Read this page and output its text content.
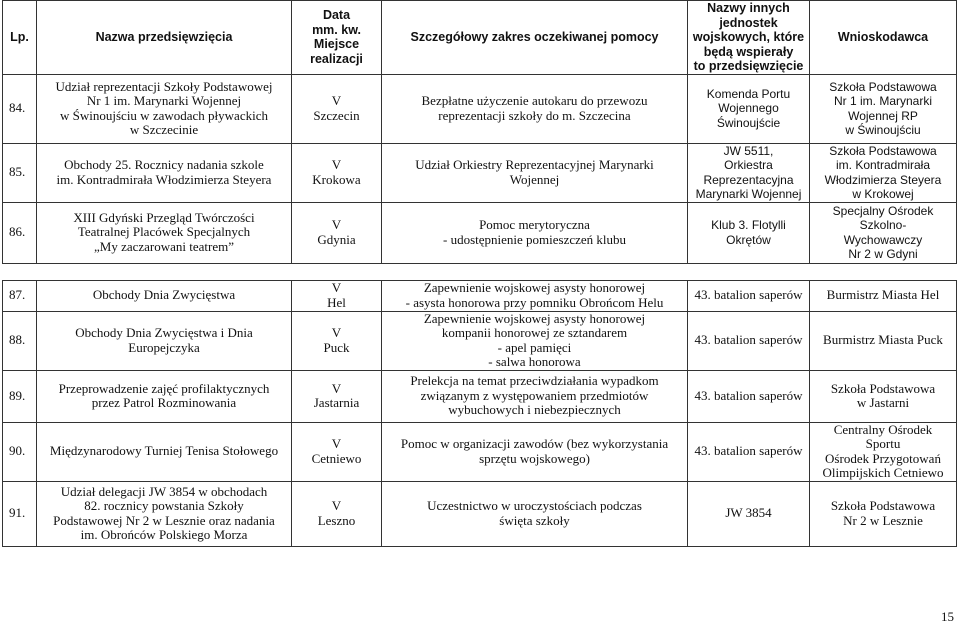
Lp.	Nazwa przedsięwzięcia	Data
mm. kw.
Miejsce
realizacji	Szczegółowy zakres oczekiwanej pomocy	Nazwy innych
jednostek
wojskowych, które
będą wspierały
to przedsięwzięcie	Wnioskodawca
84.	Udział reprezentacji Szkoły Podstawowej
Nr 1 im. Marynarki Wojennej
w Świnoujściu w zawodach pływackich
w Szczecinie	V
Szczecin	Bezpłatne użyczenie autokaru do przewozu
reprezentacji szkoły do m. Szczecina	Komenda Portu
Wojennego
Świnoujście	Szkoła Podstawowa
Nr 1 im. Marynarki
Wojennej RP
w Świnoujściu

85.	Obchody 25. Rocznicy nadania szkole
im. Kontradmirała Włodzimierza Steyera	V
Krokowa	Udział Orkiestry Reprezentacyjnej Marynarki
Wojennej	JW 5511,
Orkiestra
Reprezentacyjna
Marynarki Wojennej	Szkoła Podstawowa
im. Kontradmirała
Włodzimierza Steyera
w Krokowej

86.	XIII Gdyński Przegląd Twórczości
Teatralnej Placówek Specjalnych
„My zaczarowani teatrem”	V
Gdynia	Pomoc merytoryczna
- udostępnienie pomieszczeń klubu	Klub 3. Flotylli
Okrętów	Specjalny Ośrodek
Szkolno-
Wychowawczy
Nr 2 w Gdyni

87.	Obchody Dnia Zwycięstwa	V
Hel	Zapewnienie wojskowej asysty honorowej
- asysta honorowa przy pomniku Obrońcom Helu	43. batalion saperów	Burmistrz Miasta Hel

88.	Obchody Dnia Zwycięstwa i Dnia
Europejczyka	V
Puck	Zapewnienie wojskowej asysty honorowej
kompanii honorowej ze sztandarem
- apel pamięci
- salwa honorowa	43. batalion saperów	Burmistrz Miasta Puck

89.	Przeprowadzenie zajęć profilaktycznych
przez Patrol Rozminowania	V
Jastarnia	Prelekcja na temat przeciwdziałania wypadkom
związanym z występowaniem przedmiotów
wybuchowych i niebezpiecznych	43. batalion saperów	Szkoła Podstawowa
w Jastarni

90.	Międzynarodowy Turniej Tenisa Stołowego	V
Cetniewo	Pomoc w organizacji zawodów (bez wykorzystania
sprzętu wojskowego)	43. batalion saperów	Centralny Ośrodek
Sportu
Ośrodek Przygotowań
Olimpijskich Cetniewo

91.	Udział delegacji JW 3854 w obchodach
82. rocznicy powstania Szkoły
Podstawowej Nr 2 w Lesznie oraz nadania
im. Obrońców Polskiego Morza	V
Leszno	Uczestnictwo w uroczystościach podczas
święta szkoły	JW 3854	Szkoła Podstawowa
Nr 2 w Lesznie
15
